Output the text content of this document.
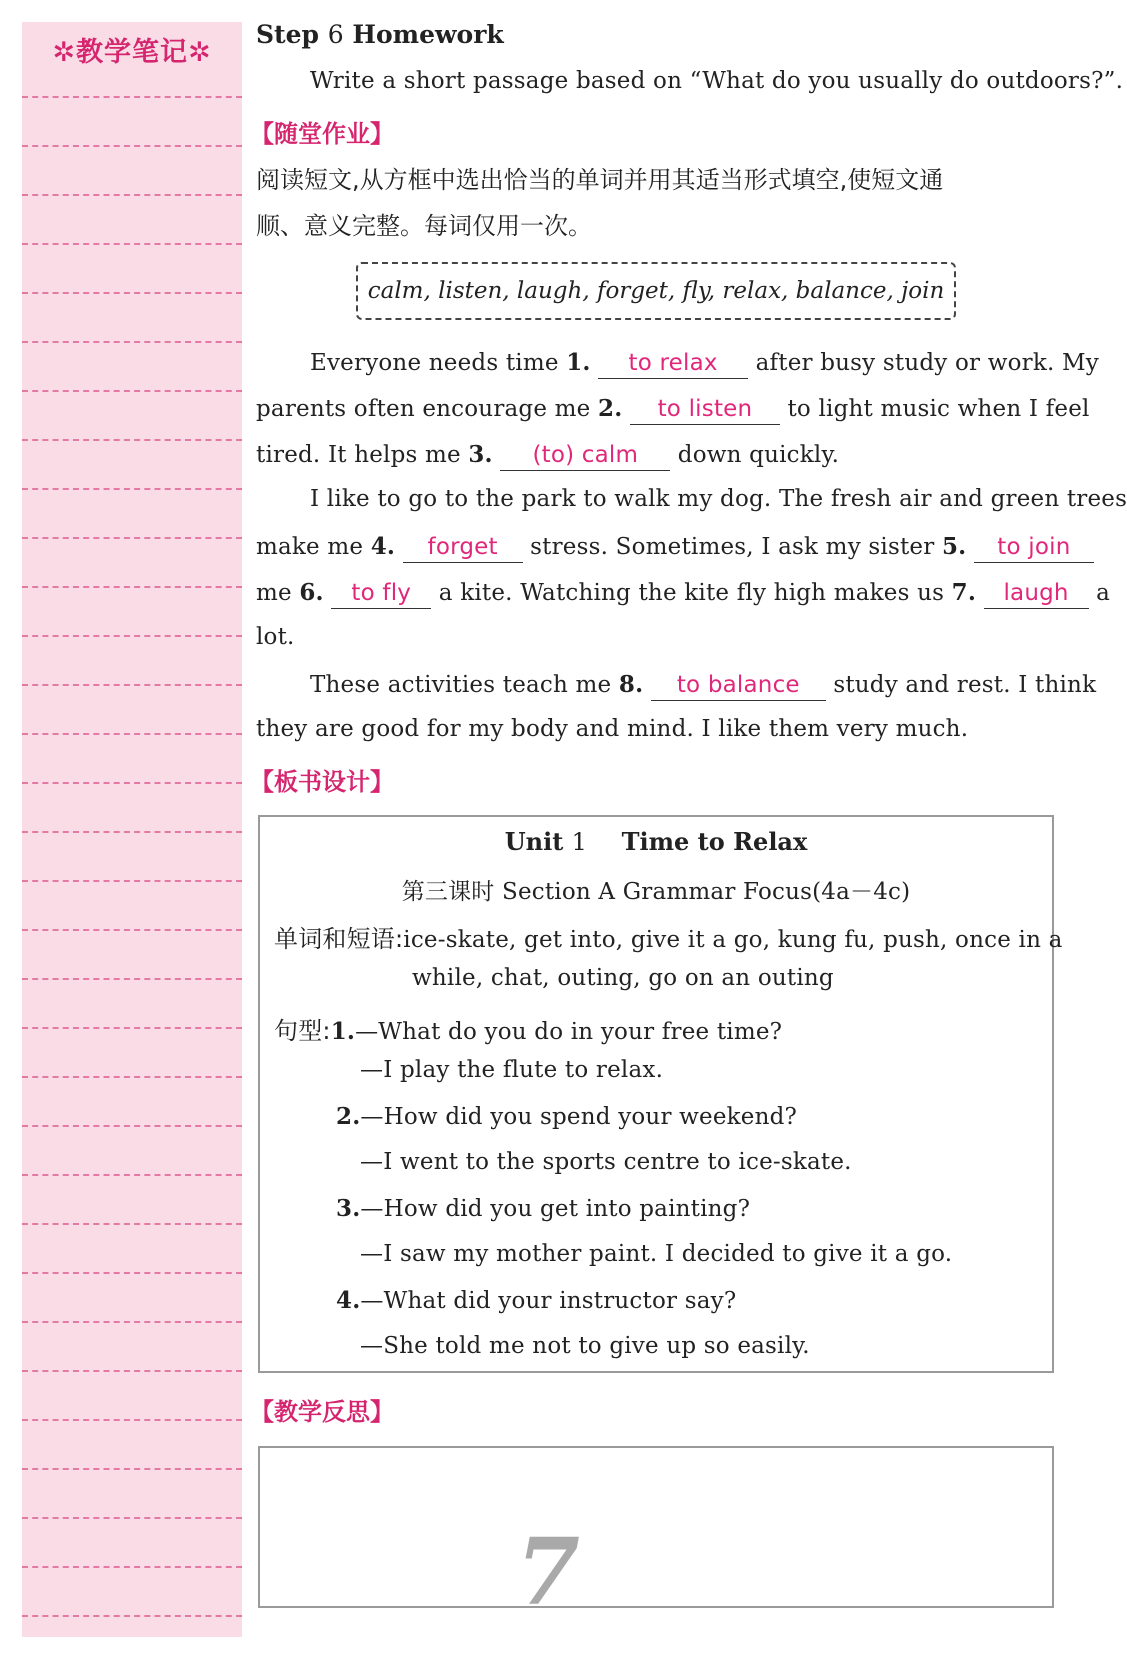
✲教学笔记✲
Step 6 Homework
Write a short passage based on “What do you usually do outdoors?”.
【随堂作业】
阅读短文,从方框中选出恰当的单词并用其适当形式填空,使短文通
顺、意义完整。每词仅用一次。
calm, listen, laugh, forget, fly, relax, balance, join
Everyone needs time 1. to relax after busy study or work. My
parents often encourage me 2. to listen to light music when I feel
tired. It helps me 3. (to) calm down quickly.
I like to go to the park to walk my dog. The fresh air and green trees
make me 4. forget stress. Sometimes, I ask my sister 5. to join
me 6. to fly a kite. Watching the kite fly high makes us 7. laugh a
lot.
These activities teach me 8. to balance study and rest. I think
they are good for my body and mind. I like them very much.
【板书设计】
Unit 1 Time to Relax
第三课时 Section A Grammar Focus(4a－4c)
单词和短语:ice-skate, get into, give it a go, kung fu, push, once in a
while, chat, outing, go on an outing
句型:1.—What do you do in your free time?
—I play the flute to relax.
2.—How did you spend your weekend?
—I went to the sports centre to ice-skate.
3.—How did you get into painting?
—I saw my mother paint. I decided to give it a go.
4.—What did your instructor say?
—She told me not to give up so easily.
【教学反思】
7
